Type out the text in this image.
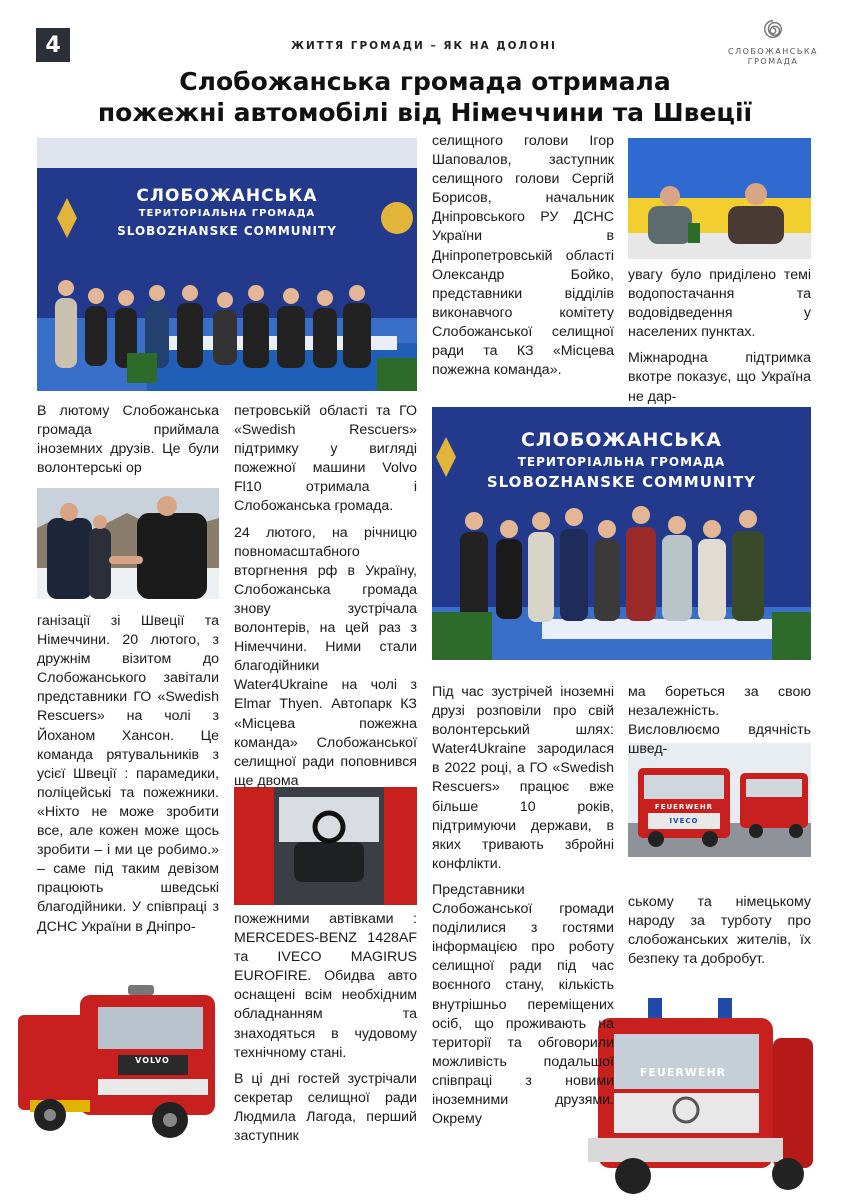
4	ЖИТТЯ ГРОМАДИ – ЯК НА ДОЛОНІ	СЛОБОЖАНСЬКА
ГРОМАДА
Слобожанська громада отримала
пожежні автомобілі від Німеччини та Швеції
СЛОБОЖАНСЬКА
ТЕРИТОРІАЛЬНА ГРОМАДА
SLOBOZHANSKE COMMUNITY
СЛОБОЖАНСЬКА
ТЕРИТОРІАЛЬНА ГРОМАДА
SLOBOZHANSKE COMMUNITY
FEUERWEHR
IVECO
VOLVO
FEUERWEHR
В лютому Слобожанська громада приймала іноземних друзів. Це були волонтерські ор
ганізації зі Швеції та Німеччини. 20 лютого, з дружнім візитом до Слобожанського завітали представники ГО «Swedish Rescuers» на чолі з Йоханом Хансон. Це команда рятувальників з усієї Швеції : парамедики, поліцейські та пожежники. «Ніхто не може зробити все, але кожен може щось зробити – і ми це робимо.» – саме під таким девізом працюють шведські благодійники. У співпраці з ДСНС України в Дніпро-

петровській області та ГО «Swedish Rescuers» підтримку у вигляді пожежної машини Volvo Fl10 отримала і Слобожанська громада.

24 лютого, на річницю повномасштабного вторгнення рф в Україну, Слобожанська громада знову зустрічала волонтерів, на цей раз з Німеччини. Ними стали благодійники Water4Ukraine на чолі з Elmar Thyen. Автопарк КЗ «Місцева пожежна команда» Слобожанської селищної ради поповнився ще двома

пожежними автівками : MERCEDES-BENZ 1428AF та IVECO MAGIRUS EUROFIRE. Обидва авто оснащені всім необхідним обладнанням та знаходяться в чудовому технічному стані.

В ці дні гостей зустрічали секретар селищної ради Людмила Лагода, перший заступник

селищного голови Ігор Шаповалов, заступник селищного голови Сергій Борисов, начальник Дніпровського РУ ДСНС України в Дніпропетровській області Олександр Бойко, представники відділів виконавчого комітету Слобожанської селищної ради та КЗ «Місцева пожежна команда».

Під час зустрічей іноземні друзі розповіли про свій волонтерський шлях: Water4Ukraine зародилася в 2022 році, а ГО «Swedish Rescuers» працює вже більше 10 років, підтримуючи держави, в яких тривають збройні конфлікти.

Представники Слобожанської громади поділилися з гостями інформацією про роботу селищної ради під час воєнного стану, кількість внутрішньо переміщених осіб, що проживають на території та обговорили можливість подальшої співпраці з новими іноземними друзями. Окрему

увагу було приділено темі водопостачання та водовідведення у населених пунктах.

Міжнародна підтримка вкотре показує, що Україна не дар-

ма бореться за свою незалежність. Висловлюємо вдячність швед-
ському та німецькому народу за турботу про слобожанських жителів, їх безпеку та добробут.
